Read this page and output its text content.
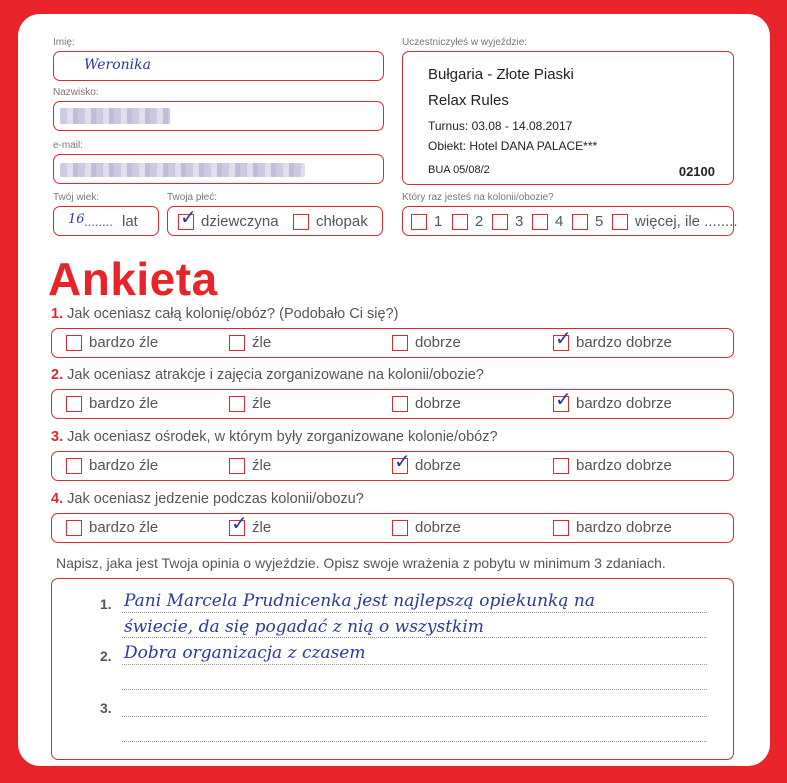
Imię:
Weronika
Nazwisko:
e-mail:
Twój wiek:
16 ........ lat
Twoja płeć:
✓ dziewczyna	chłopak
Uczestniczyłeś w wyjeździe:
Bułgaria - Złote Piaski
Relax Rules
Turnus: 03.08 - 14.08.2017
Obiekt: Hotel DANA PALACE***
BUA 05/08/2	02100
Który raz jesteś na kolonii/obozie?
1	2	3	4	5	więcej, ile ........
Ankieta
1. Jak oceniasz całą kolonię/obóz? (Podobało Ci się?)
bardzo źle	źle	dobrze	✓ bardzo dobrze
2. Jak oceniasz atrakcje i zajęcia zorganizowane na kolonii/obozie?
bardzo źle	źle	dobrze	✓ bardzo dobrze
3. Jak oceniasz ośrodek, w którym były zorganizowane kolonie/obóz?
bardzo źle	źle	✓ dobrze	bardzo dobrze
4. Jak oceniasz jedzenie podczas kolonii/obozu?
bardzo źle	✓ źle	dobrze	bardzo dobrze
Napisz, jaka jest Twoja opinia o wyjeździe. Opisz swoje wrażenia z pobytu w minimum 3 zdaniach.
1.
2.
3.
Pani Marcela Prudnicenka jest najlepszą opiekunką na
świecie, da się pogadać z nią o wszystkim
Dobra organizacja z czasem
